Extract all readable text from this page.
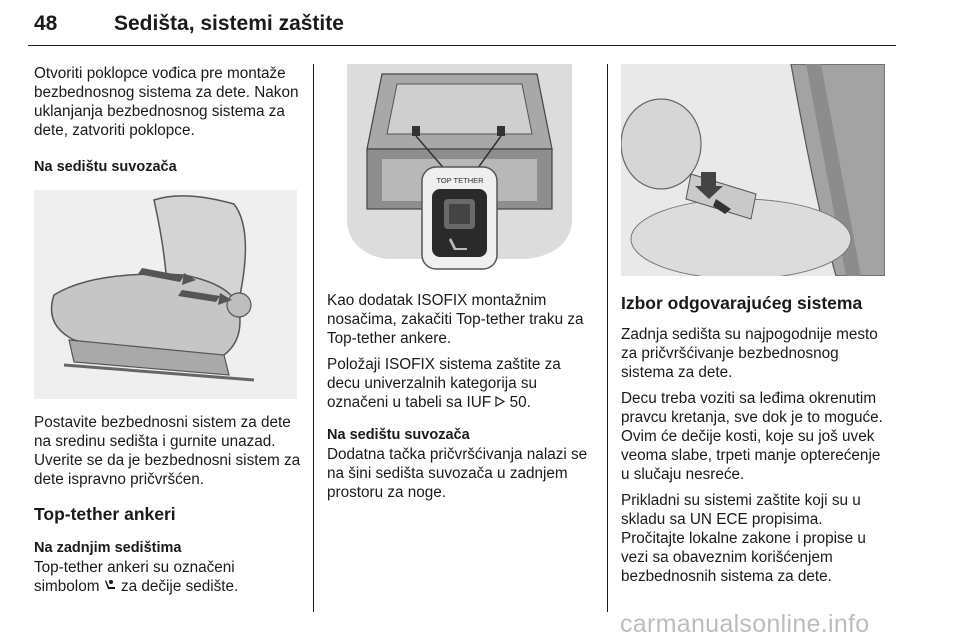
48	Sedišta, sistemi zaštite

Otvoriti poklopce vođica pre montaže bezbednosnog sistema za dete. Nakon uklanjanja bezbednosnog sistema za dete, zatvoriti poklopce.

Na sedištu suvozača

Postavite bezbednosni sistem za dete na sredinu sedišta i gurnite unazad. Uverite se da je bezbednosni sistem za dete ispravno pričvršćen.

Top-tether ankeri

Na zadnjim sedištima

Top-tether ankeri su označeni simbolom za dečije sedište.

TOP TETHER

Kao dodatak ISOFIX montažnim nosačima, zakačiti Top-tether traku za Top-tether ankere.

Položaji ISOFIX sistema zaštite za decu univerzalnih kategorija su označeni u tabeli sa IUF 50.

Na sedištu suvozača

Dodatna tačka pričvršćivanja nalazi se na šini sedišta suvozača u zadnjem prostoru za noge.

Izbor odgovarajućeg sistema

Zadnja sedišta su najpogodnije mesto za pričvršćivanje bezbednosnog sistema za dete.

Decu treba voziti sa leđima okrenutim pravcu kretanja, sve dok je to moguće. Ovim će dečije kosti, koje su još uvek veoma slabe, trpeti manje opterećenje u slučaju nesreće.

Prikladni su sistemi zaštite koji su u skladu sa UN ECE propisima. Pročitajte lokalne zakone i propise u vezi sa obaveznim korišćenjem bezbednosnih sistema za dete.

carmanualsonline.info
